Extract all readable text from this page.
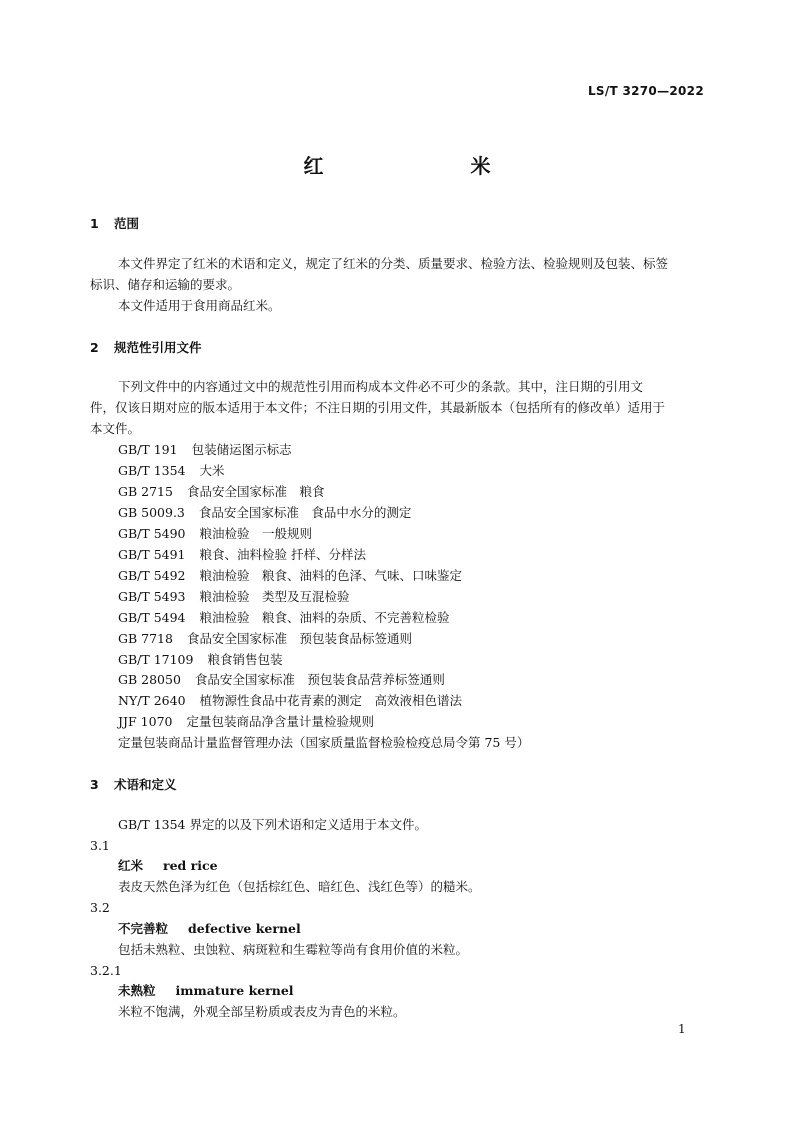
LS/T 3270—2022
红 米
1 范围
本文件界定了红米的术语和定义，规定了红米的分类、质量要求、检验方法、检验规则及包装、标签
标识、储存和运输的要求。
本文件适用于食用商品红米。
2 规范性引用文件
下列文件中的内容通过文中的规范性引用而构成本文件必不可少的条款。其中，注日期的引用文
件，仅该日期对应的版本适用于本文件；不注日期的引用文件，其最新版本（包括所有的修改单）适用于
本文件。
GB/T 191 包装储运图示标志
GB/T 1354 大米
GB 2715 食品安全国家标准　粮食
GB 5009.3 食品安全国家标准　食品中水分的测定
GB/T 5490 粮油检验　一般规则
GB/T 5491 粮食、油料检验 扦样、分样法
GB/T 5492 粮油检验　粮食、油料的色泽、气味、口味鉴定
GB/T 5493 粮油检验　类型及互混检验
GB/T 5494 粮油检验　粮食、油料的杂质、不完善粒检验
GB 7718 食品安全国家标准　预包装食品标签通则
GB/T 17109 粮食销售包装
GB 28050 食品安全国家标准　预包装食品营养标签通则
NY/T 2640 植物源性食品中花青素的测定　高效液相色谱法
JJF 1070 定量包装商品净含量计量检验规则
定量包装商品计量监督管理办法（国家质量监督检验检疫总局令第 75 号）
3 术语和定义
GB/T 1354 界定的以及下列术语和定义适用于本文件。
3.1
红米 red rice
表皮天然色泽为红色（包括棕红色、暗红色、浅红色等）的糙米。
3.2
不完善粒 defective kernel
包括未熟粒、虫蚀粒、病斑粒和生霉粒等尚有食用价值的米粒。
3.2.1
未熟粒 immature kernel
米粒不饱满，外观全部呈粉质或表皮为青色的米粒。
1
